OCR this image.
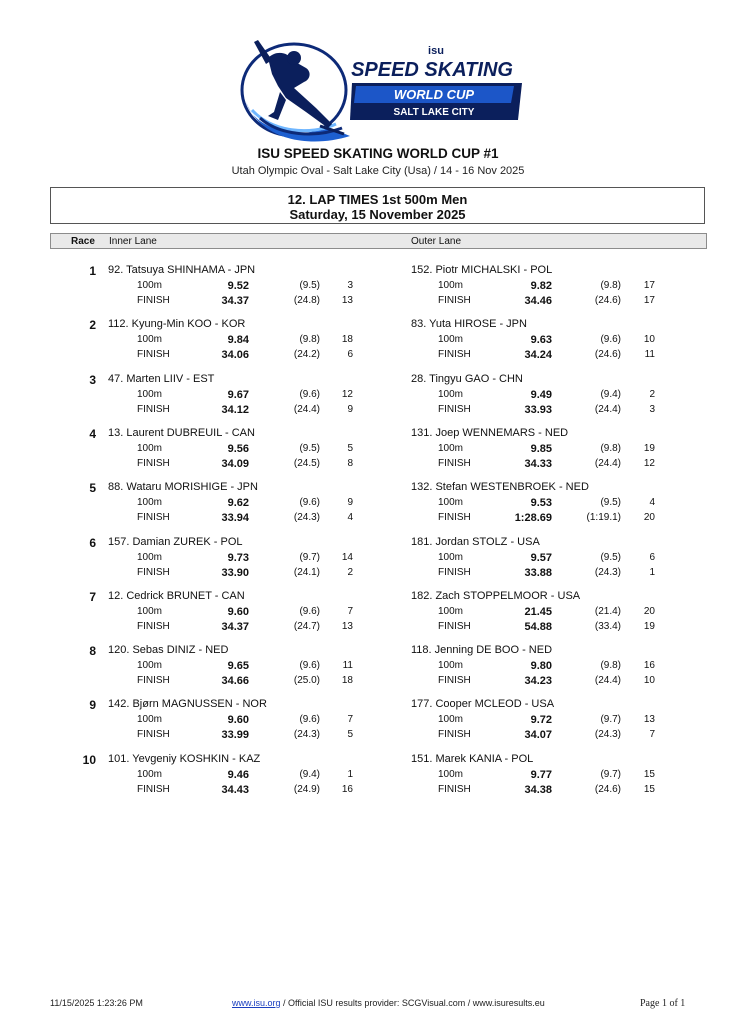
isu
SPEED SKATING
WORLD CUP
SALT LAKE CITY
ISU SPEED SKATING WORLD CUP #1
Utah Olympic Oval - Salt Lake City (Usa) / 14 - 16 Nov 2025
12. LAP TIMES 1st 500m Men
Saturday, 15 November 2025
Race Inner Lane	Outer Lane
1 92. Tatsuya SHINHAMA - JPN
100m	9.52	(9.5)	3
FINISH	34.37	(24.8)	13
152. Piotr MICHALSKI - POL
100m	9.82	(9.8)	17
FINISH	34.46	(24.6)	17
2 112. Kyung-Min KOO - KOR
100m	9.84	(9.8)	18
FINISH	34.06	(24.2)	6
83. Yuta HIROSE - JPN
100m	9.63	(9.6)	10
FINISH	34.24	(24.6)	11
3 47. Marten LIIV - EST
100m	9.67	(9.6)	12
FINISH	34.12	(24.4)	9
28. Tingyu GAO - CHN
100m	9.49	(9.4)	2
FINISH	33.93	(24.4)	3
4 13. Laurent DUBREUIL - CAN
100m	9.56	(9.5)	5
FINISH	34.09	(24.5)	8
131. Joep WENNEMARS - NED
100m	9.85	(9.8)	19
FINISH	34.33	(24.4)	12
5 88. Wataru MORISHIGE - JPN
100m	9.62	(9.6)	9
FINISH	33.94	(24.3)	4
132. Stefan WESTENBROEK - NED
100m	9.53	(9.5)	4
FINISH	1:28.69	(1:19.1)	20
6 157. Damian ZUREK - POL
100m	9.73	(9.7)	14
FINISH	33.90	(24.1)	2
181. Jordan STOLZ - USA
100m	9.57	(9.5)	6
FINISH	33.88	(24.3)	1
7 12. Cedrick BRUNET - CAN
100m	9.60	(9.6)	7
FINISH	34.37	(24.7)	13
182. Zach STOPPELMOOR - USA
100m	21.45	(21.4)	20
FINISH	54.88	(33.4)	19
8 120. Sebas DINIZ - NED
100m	9.65	(9.6)	11
FINISH	34.66	(25.0)	18
118. Jenning DE BOO - NED
100m	9.80	(9.8)	16
FINISH	34.23	(24.4)	10
9 142. Bjørn MAGNUSSEN - NOR
100m	9.60	(9.6)	7
FINISH	33.99	(24.3)	5
177. Cooper MCLEOD - USA
100m	9.72	(9.7)	13
FINISH	34.07	(24.3)	7
10 101. Yevgeniy KOSHKIN - KAZ
100m	9.46	(9.4)	1
FINISH	34.43	(24.9)	16
151. Marek KANIA - POL
100m	9.77	(9.7)	15
FINISH	34.38	(24.6)	15
11/15/2025 1:23:26 PM	www.isu.org / Official ISU results provider: SCGVisual.com / www.isuresults.eu	Page 1 of 1
